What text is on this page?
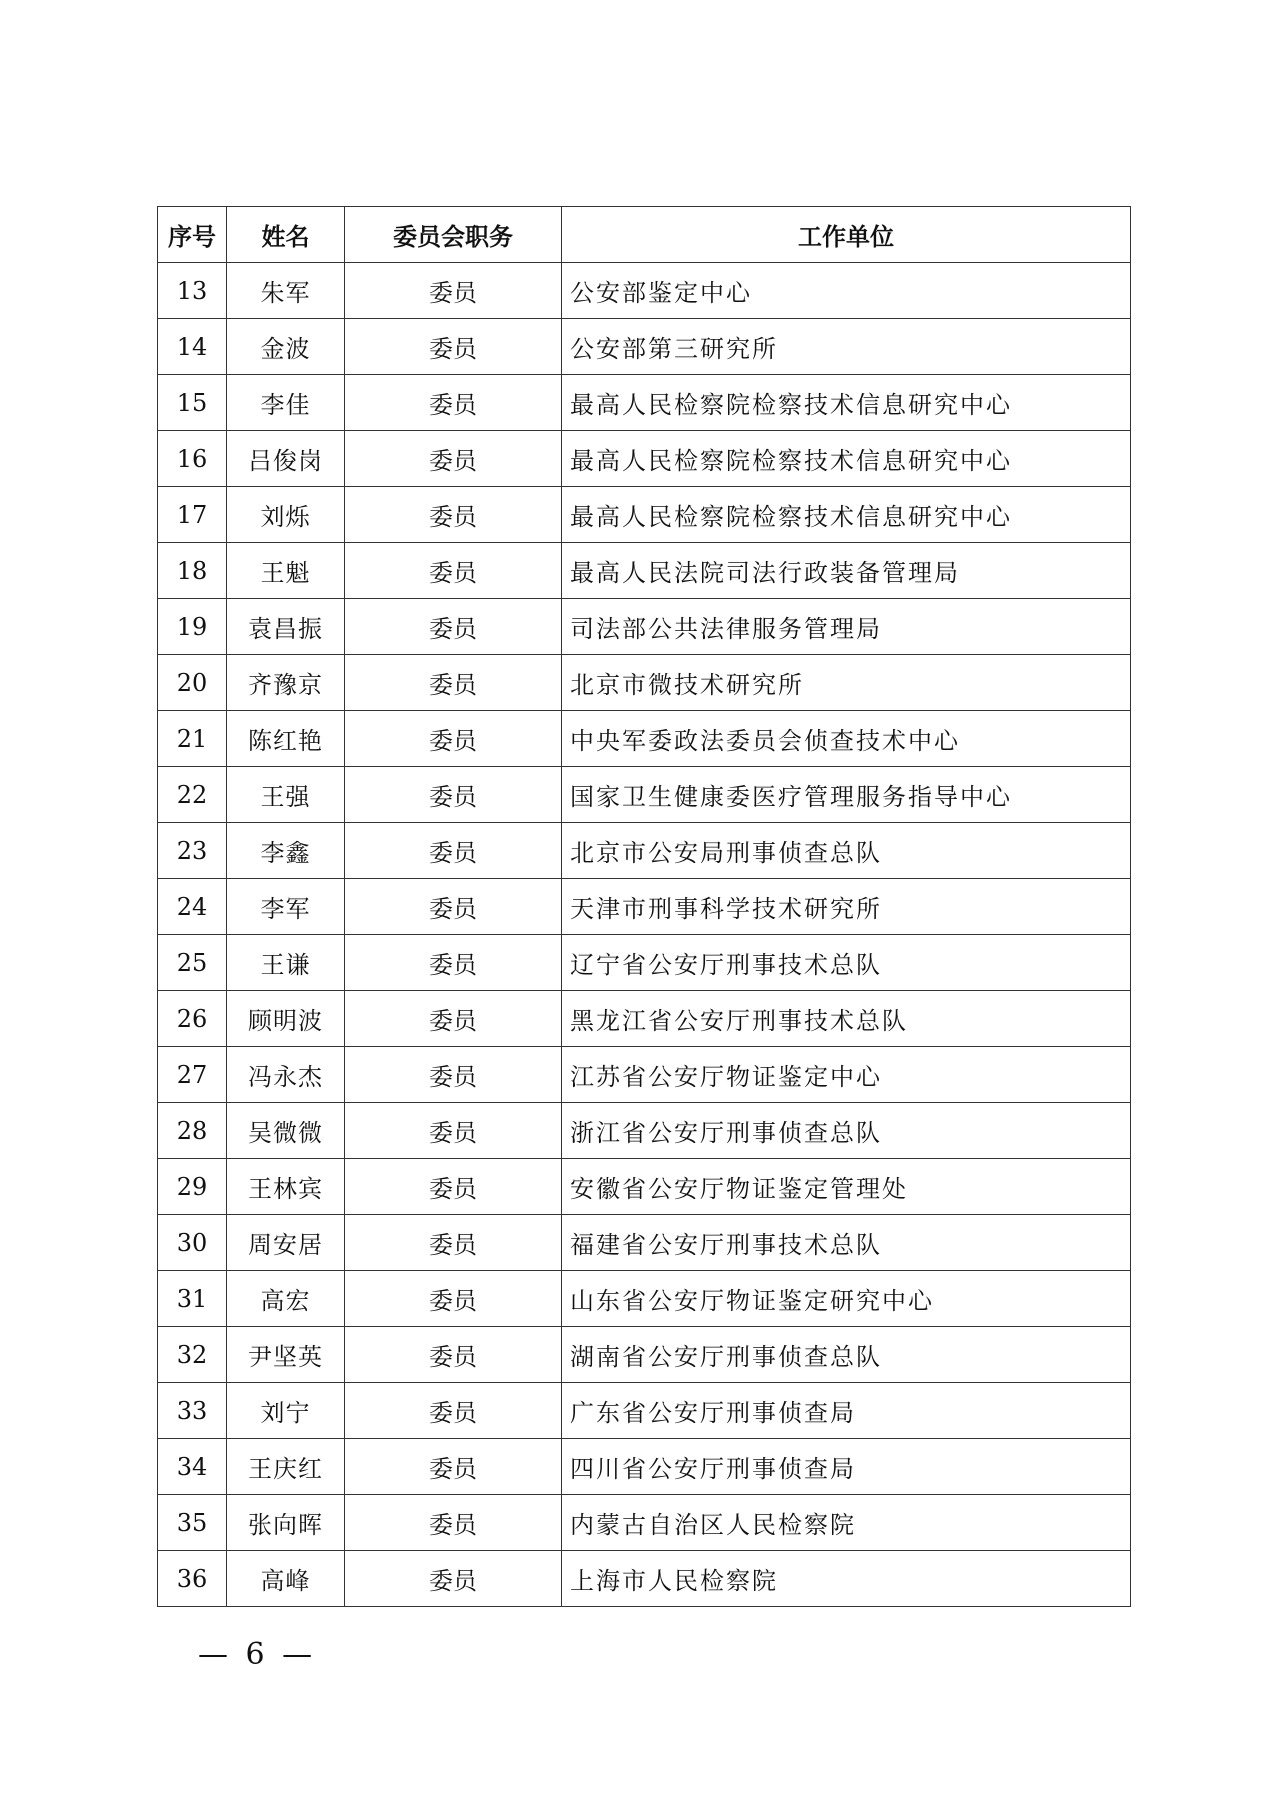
序号	姓名	委员会职务	工作单位
13	朱军	委员	公安部鉴定中心
14	金波	委员	公安部第三研究所
15	李佳	委员	最高人民检察院检察技术信息研究中心
16	吕俊岗	委员	最高人民检察院检察技术信息研究中心
17	刘烁	委员	最高人民检察院检察技术信息研究中心
18	王魁	委员	最高人民法院司法行政装备管理局
19	袁昌振	委员	司法部公共法律服务管理局
20	齐豫京	委员	北京市微技术研究所
21	陈红艳	委员	中央军委政法委员会侦查技术中心
22	王强	委员	国家卫生健康委医疗管理服务指导中心
23	李鑫	委员	北京市公安局刑事侦查总队
24	李军	委员	天津市刑事科学技术研究所
25	王谦	委员	辽宁省公安厅刑事技术总队
26	顾明波	委员	黑龙江省公安厅刑事技术总队
27	冯永杰	委员	江苏省公安厅物证鉴定中心
28	吴微微	委员	浙江省公安厅刑事侦查总队
29	王林宾	委员	安徽省公安厅物证鉴定管理处
30	周安居	委员	福建省公安厅刑事技术总队
31	高宏	委员	山东省公安厅物证鉴定研究中心
32	尹坚英	委员	湖南省公安厅刑事侦查总队
33	刘宁	委员	广东省公安厅刑事侦查局
34	王庆红	委员	四川省公安厅刑事侦查局
35	张向晖	委员	内蒙古自治区人民检察院
36	高峰	委员	上海市人民检察院
— 6 —
